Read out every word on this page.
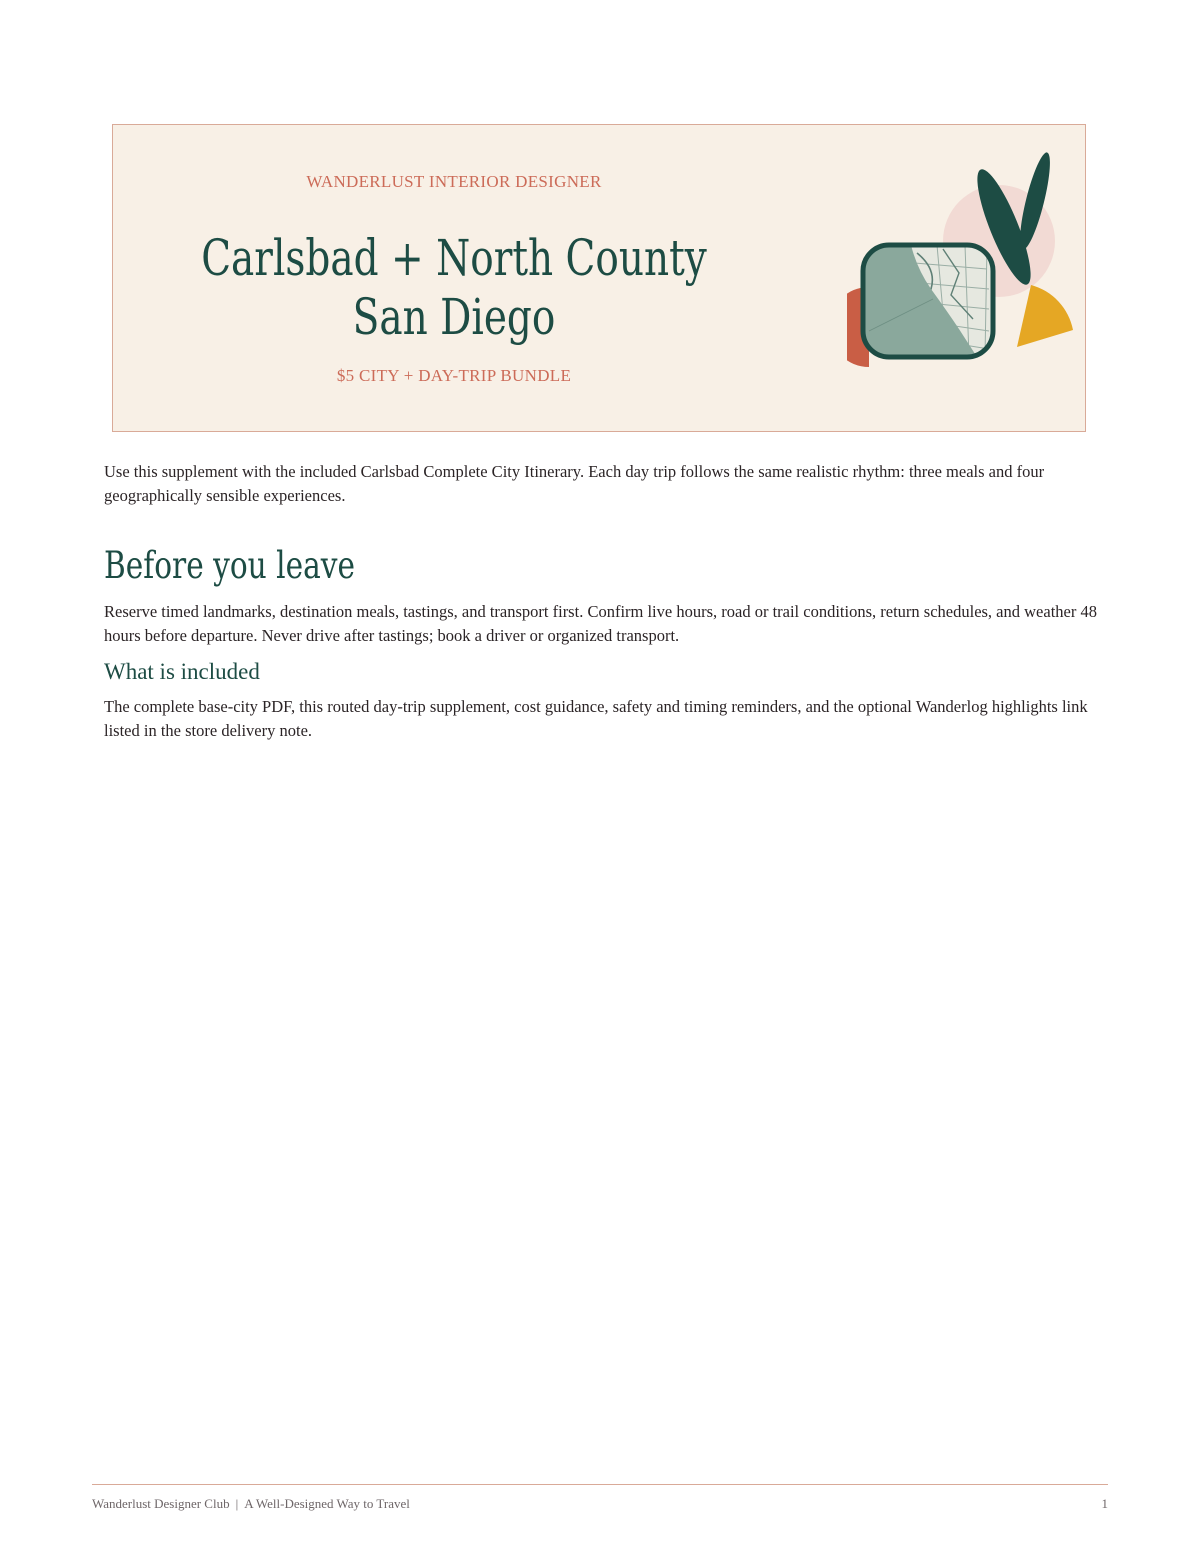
WANDERLUST INTERIOR DESIGNER
Carlsbad + North County San Diego
$5 CITY + DAY-TRIP BUNDLE

Use this supplement with the included Carlsbad Complete City Itinerary. Each day trip follows the same realistic rhythm: three meals and four geographically sensible experiences.

Before you leave

Reserve timed landmarks, destination meals, tastings, and transport first. Confirm live hours, road or trail conditions, return schedules, and weather 48 hours before departure. Never drive after tastings; book a driver or organized transport.

What is included

The complete base-city PDF, this routed day-trip supplement, cost guidance, safety and timing reminders, and the optional Wanderlog highlights link listed in the store delivery note.

Wanderlust Designer Club | A Well-Designed Way to Travel	1
